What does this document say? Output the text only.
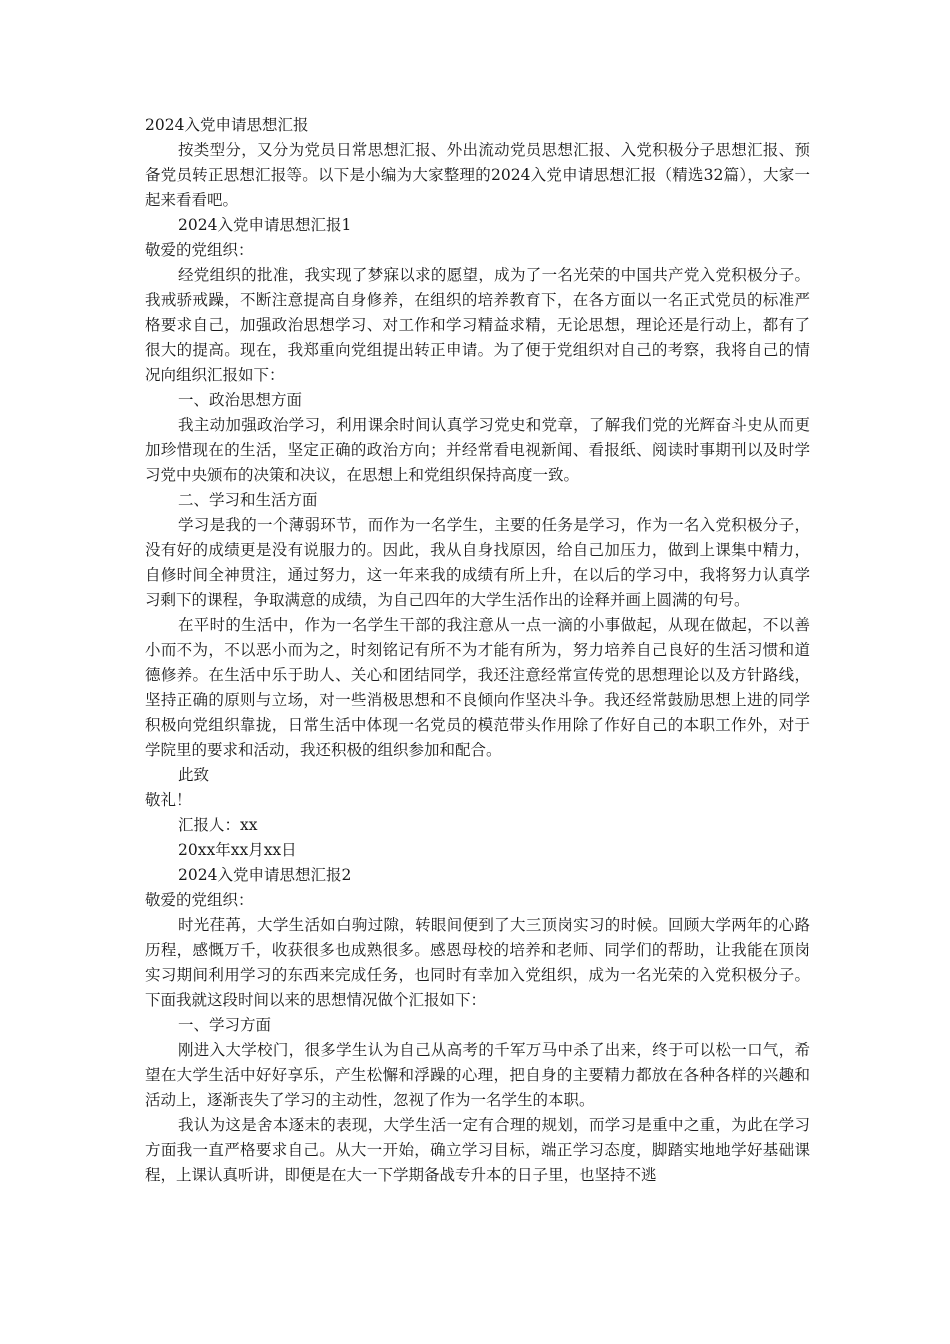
2024入党申请思想汇报

按类型分，又分为党员日常思想汇报、外出流动党员思想汇报、入党积极分子思想汇报、预备党员转正思想汇报等。以下是小编为大家整理的2024入党申请思想汇报（精选32篇），大家一起来看看吧。

2024入党申请思想汇报1

敬爱的党组织：

经党组织的批准，我实现了梦寐以求的愿望，成为了一名光荣的中国共产党入党积极分子。我戒骄戒躁，不断注意提高自身修养，在组织的培养教育下，在各方面以一名正式党员的标准严格要求自己，加强政治思想学习、对工作和学习精益求精，无论思想，理论还是行动上，都有了很大的提高。现在，我郑重向党组提出转正申请。为了便于党组织对自己的考察，我将自己的情况向组织汇报如下：

一、政治思想方面

我主动加强政治学习，利用课余时间认真学习党史和党章，了解我们党的光辉奋斗史从而更加珍惜现在的生活，坚定正确的政治方向；并经常看电视新闻、看报纸、阅读时事期刊以及时学习党中央颁布的决策和决议，在思想上和党组织保持高度一致。

二、学习和生活方面

学习是我的一个薄弱环节，而作为一名学生，主要的任务是学习，作为一名入党积极分子，没有好的成绩更是没有说服力的。因此，我从自身找原因，给自己加压力，做到上课集中精力，自修时间全神贯注，通过努力，这一年来我的成绩有所上升，在以后的学习中，我将努力认真学习剩下的课程，争取满意的成绩，为自己四年的大学生活作出的诠释并画上圆满的句号。

在平时的生活中，作为一名学生干部的我注意从一点一滴的小事做起，从现在做起，不以善小而不为，不以恶小而为之，时刻铭记有所不为才能有所为，努力培养自己良好的生活习惯和道德修养。在生活中乐于助人、关心和团结同学，我还注意经常宣传党的思想理论以及方针路线，坚持正确的原则与立场，对一些消极思想和不良倾向作坚决斗争。我还经常鼓励思想上进的同学积极向党组织靠拢，日常生活中体现一名党员的模范带头作用除了作好自己的本职工作外，对于学院里的要求和活动，我还积极的组织参加和配合。

此致

敬礼！

汇报人：xx

20xx年xx月xx日

2024入党申请思想汇报2

敬爱的党组织：

时光荏苒，大学生活如白驹过隙，转眼间便到了大三顶岗实习的时候。回顾大学两年的心路历程，感慨万千，收获很多也成熟很多。感恩母校的培养和老师、同学们的帮助，让我能在顶岗实习期间利用学习的东西来完成任务，也同时有幸加入党组织，成为一名光荣的入党积极分子。下面我就这段时间以来的思想情况做个汇报如下：

一、学习方面

刚进入大学校门，很多学生认为自己从高考的千军万马中杀了出来，终于可以松一口气，希望在大学生活中好好享乐，产生松懈和浮躁的心理，把自身的主要精力都放在各种各样的兴趣和活动上，逐渐丧失了学习的主动性，忽视了作为一名学生的本职。

我认为这是舍本逐末的表现，大学生活一定有合理的规划，而学习是重中之重，为此在学习方面我一直严格要求自己。从大一开始，确立学习目标，端正学习态度，脚踏实地地学好基础课程，上课认真听讲，即便是在大一下学期备战专升本的日子里，也坚持不逃
